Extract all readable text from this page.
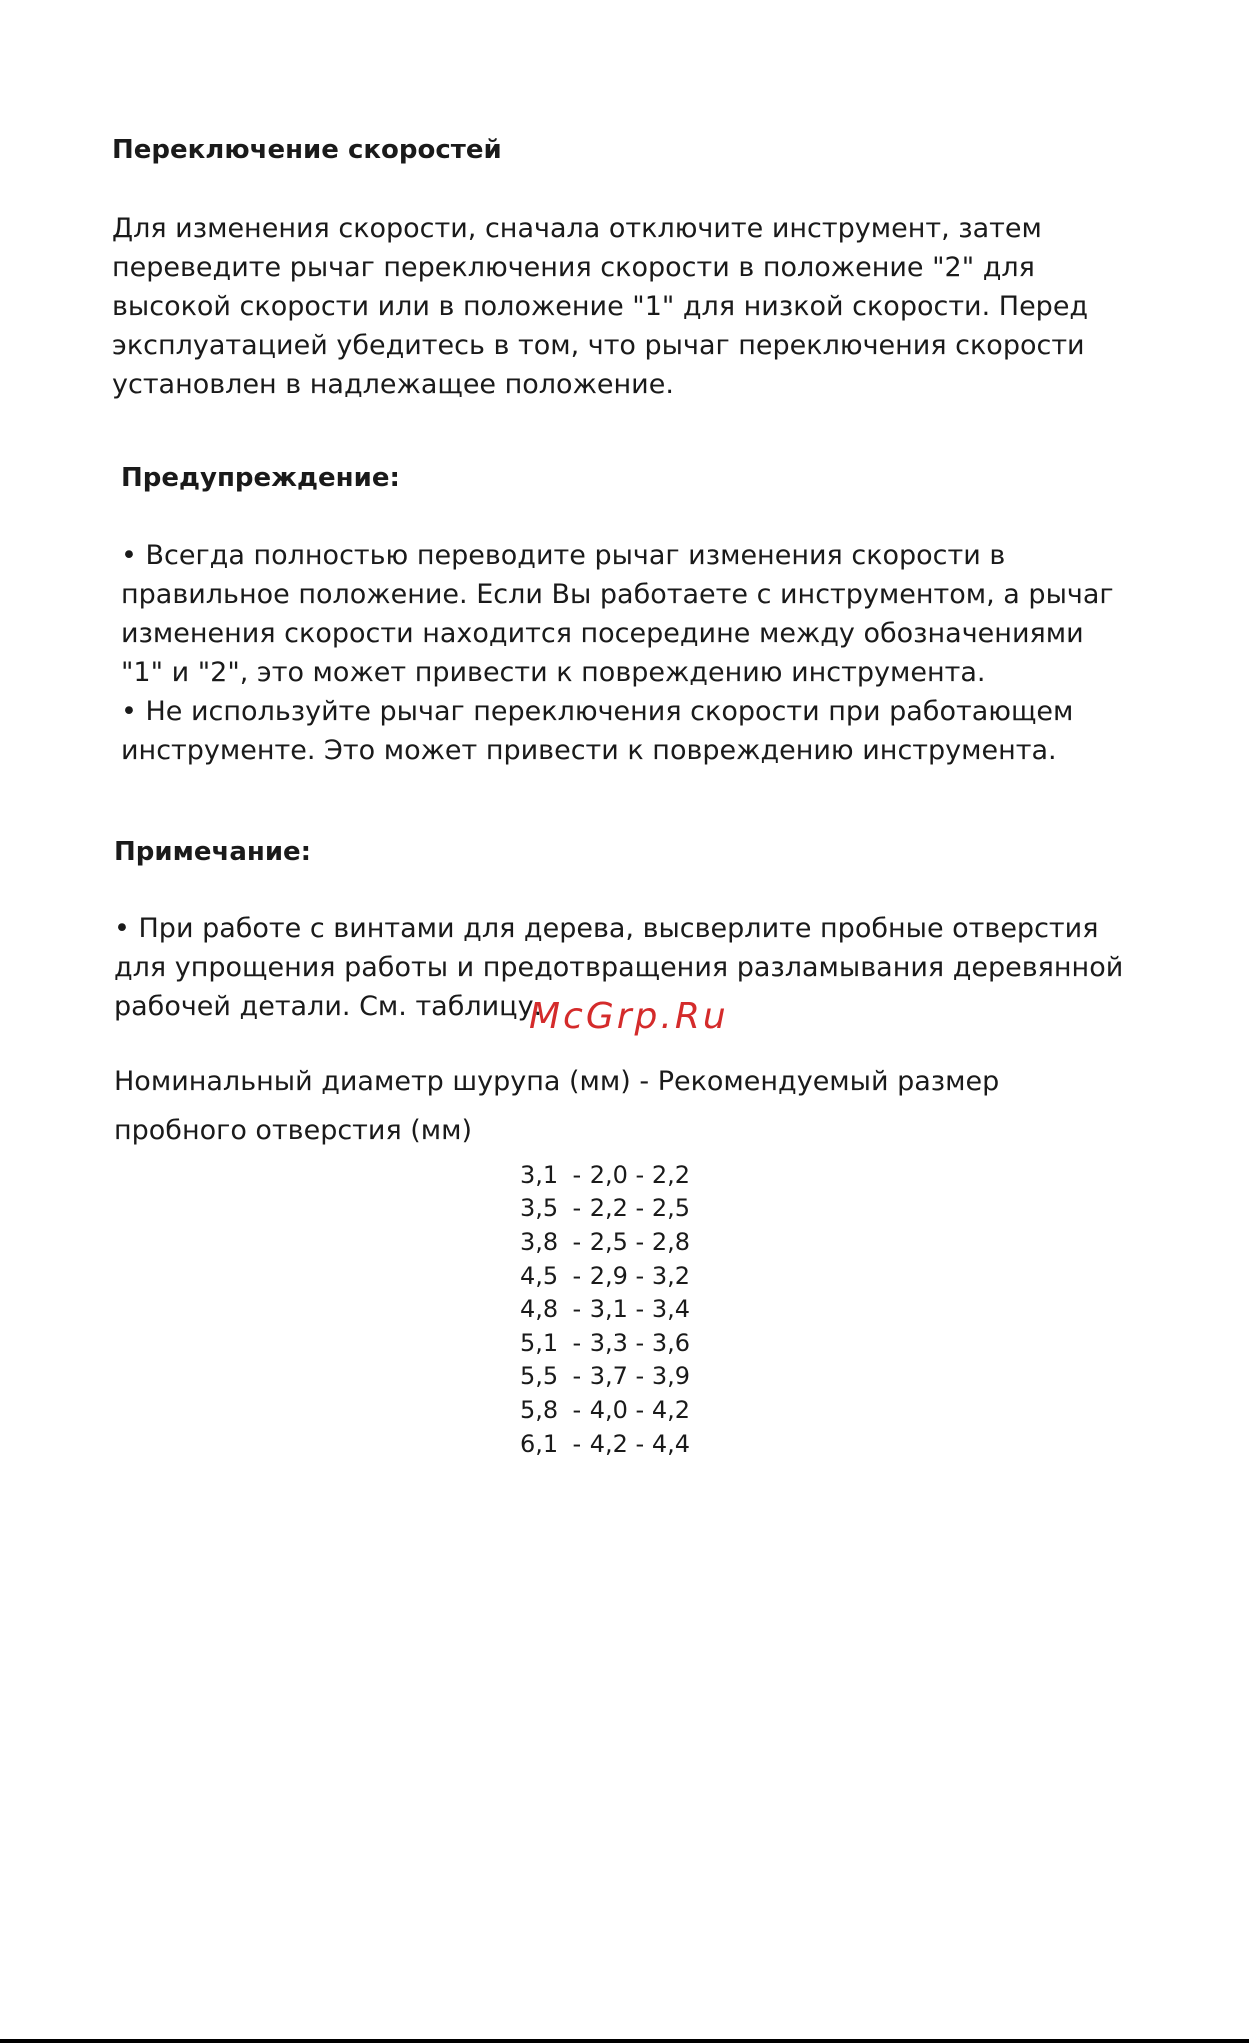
Переключение скоростей
Для изменения скорости, сначала отключите инструмент, затем
переведите рычаг переключения скорости в положение "2" для
высокой скорости или в положение "1" для низкой скорости. Перед
эксплуатацией убедитесь в том, что рычаг переключения скорости
установлен в надлежащее положение.
Предупреждение:
• Всегда полностью переводите рычаг изменения скорости в
правильное положение. Если Вы работаете с инструментом, а рычаг
изменения скорости находится посередине между обозначениями
"1" и "2", это может привести к повреждению инструмента.
• Не используйте рычаг переключения скорости при работающем
инструменте. Это может привести к повреждению инструмента.
Примечание:
• При работе с винтами для дерева, высверлите пробные отверстия
для упрощения работы и предотвращения разламывания деревянной
рабочей детали. См. таблицу.
McGrp.Ru
Номинальный диаметр шурупа (мм) - Рекомендуемый размер
пробного отверстия (мм)
3,1 - 2,0 - 2,2
3,5 - 2,2 - 2,5
3,8 - 2,5 - 2,8
4,5 - 2,9 - 3,2
4,8 - 3,1 - 3,4
5,1 - 3,3 - 3,6
5,5 - 3,7 - 3,9
5,8 - 4,0 - 4,2
6,1 - 4,2 - 4,4
